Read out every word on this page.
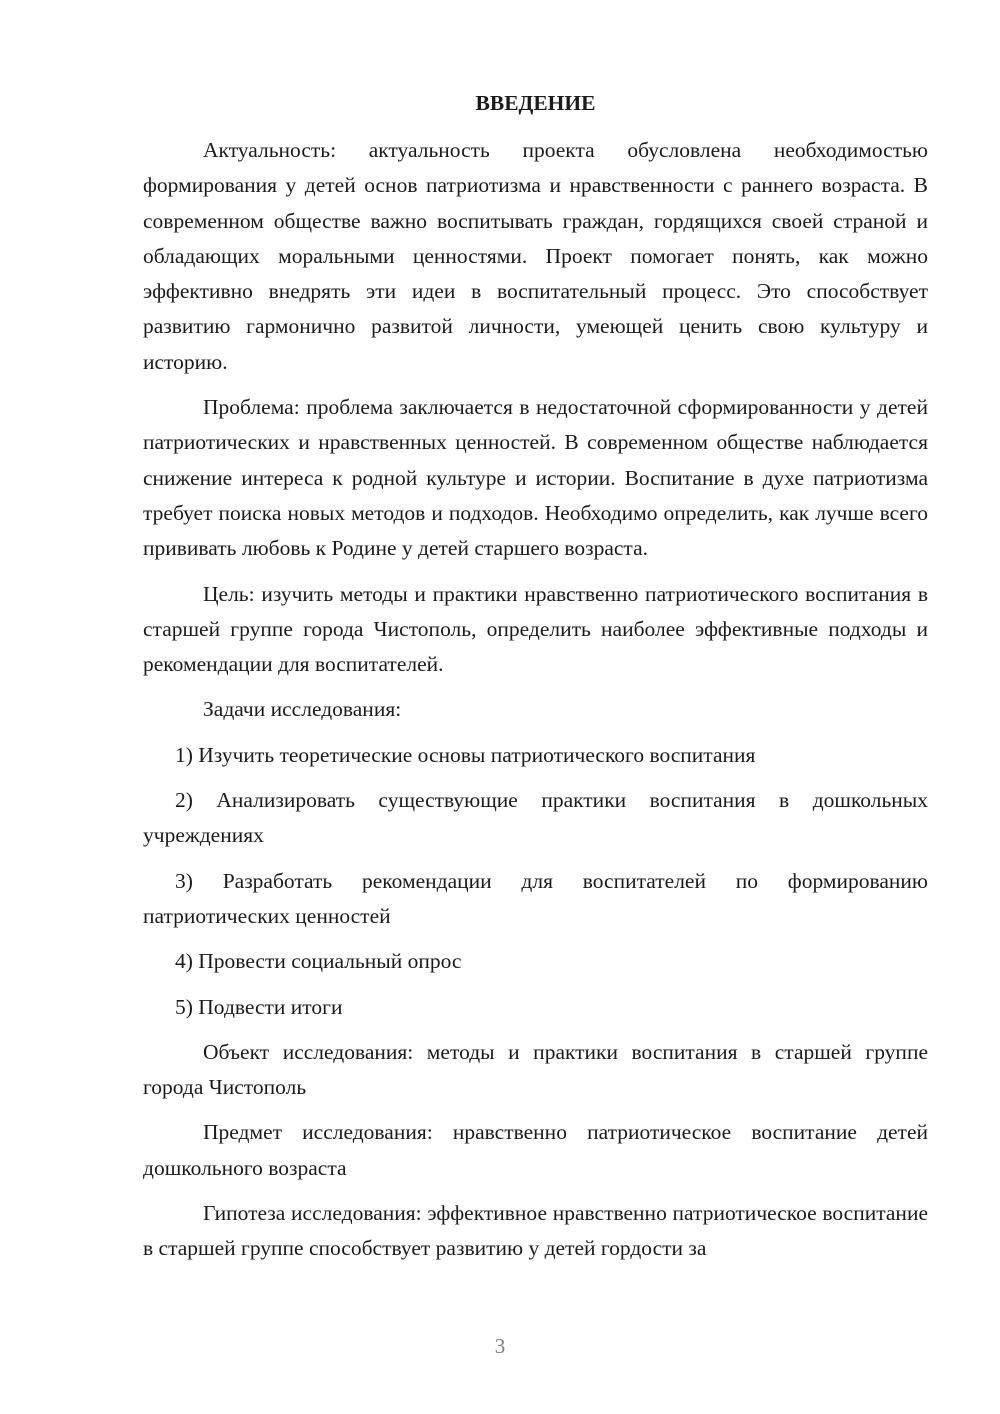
ВВЕДЕНИЕ

Актуальность: актуальность проекта обусловлена необходимостью формирования у детей основ патриотизма и нравственности с раннего возраста. В современном обществе важно воспитывать граждан, гордящихся своей страной и обладающих моральными ценностями. Проект помогает понять, как можно эффективно внедрять эти идеи в воспитательный процесс. Это способствует развитию гармонично развитой личности, умеющей ценить свою культуру и историю.

Проблема: проблема заключается в недостаточной сформированности у детей патриотических и нравственных ценностей. В современном обществе наблюдается снижение интереса к родной культуре и истории. Воспитание в духе патриотизма требует поиска новых методов и подходов. Необходимо определить, как лучше всего прививать любовь к Родине у детей старшего возраста.

Цель: изучить методы и практики нравственно патриотического воспитания в старшей группе города Чистополь, определить наиболее эффективные подходы и рекомендации для воспитателей.

Задачи исследования:

1) Изучить теоретические основы патриотического воспитания

2) Анализировать существующие практики воспитания в дошкольных учреждениях

3) Разработать рекомендации для воспитателей по формированию патриотических ценностей

4) Провести социальный опрос

5) Подвести итоги

Объект исследования: методы и практики воспитания в старшей группе города Чистополь

Предмет исследования: нравственно патриотическое воспитание детей дошкольного возраста

Гипотеза исследования: эффективное нравственно патриотическое воспитание в старшей группе способствует развитию у детей гордости за

3
